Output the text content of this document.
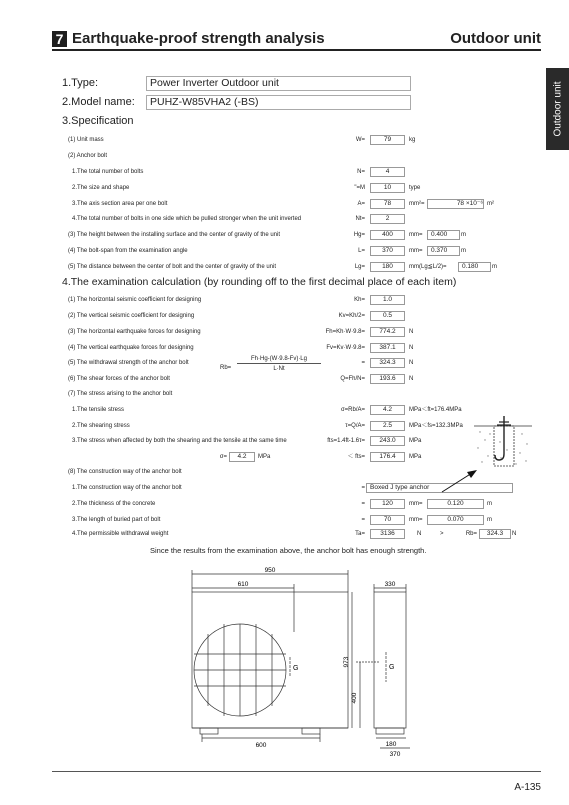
7 Earthquake-proof strength analysis	Outdoor unit
Outdoor unit
1.Type:	Power Inverter Outdoor unit
2.Model name:	PUHZ-W85VHA2 (-BS)
3.Specification
(1) Unit mass	W=	79	kg
(2) Anchor bolt
1.The total number of bolts	N=	4
2.The size and shape	"=M	10	type
3.The axis section area per one bolt	A=	78	mm²=	78 ×10⁻⁶ m²
4.The total number of bolts in one side which be pulled stronger when the unit inverted	Nt=	2
(3) The height between the installing surface and the center of gravity of the unit	Hg=	400	mm=	0.400	m
(4) The bolt-span from the examination angle	L=	370	mm=	0.370	m
(5) The distance between the center of bolt and the center of gravity of the unit	Lg=	180	mm(Lg≦L/2)=	0.180	m
4.The examination calculation (by rounding off to the first decimal place of each item)
(1) The horizontal seismic coefficient for designing	Kh=	1.0
(2) The vertical seismic coefficient for designing	Kv=Kh/2=	0.5
(3) The horizontal earthquake forces for designing	Fh=Kh·W·9.8=	774.2	N
(4) The vertical earthquake forces for designing	Fv=Kv·W·9.8=	387.1	N
(5) The withdrawal strength of the anchor bolt
Rb=
Fh·Hg-(W·9.8-Fv)·Lg
L·Nt
=	324.3	N
(6) The shear forces of the anchor bolt	Q=Fh/N=	193.6	N
(7) The stress arising to the anchor bolt
1.The tensile stress	σ=Rb/A=	4.2	MPa＜ft=176.4MPa
2.The shearing stress	τ=Q/A=	2.5	MPa＜fs=132.3MPa
3.The stress when affected by both the shearing and the tensile at the same time	fts=1.4ft-1.6τ=	243.0	MPa
σ=	4.2	MPa	＜ fts=	176.4	MPa
(8) The construction way of the anchor bolt
1.The construction way of the anchor bolt	= Boxed J type anchor
2.The thickness of the concrete	=	120	mm=	0.120	m
3.The length of buried part of bolt	=	70	mm=	0.070	m
4.The permissible withdrawal weight	Ta=	3136	N	>	Rb=	324.3	N
Since the results from the examination above, the anchor bolt has enough strength.
950
610	330
973
400
600	180
370
G	G
A-135
